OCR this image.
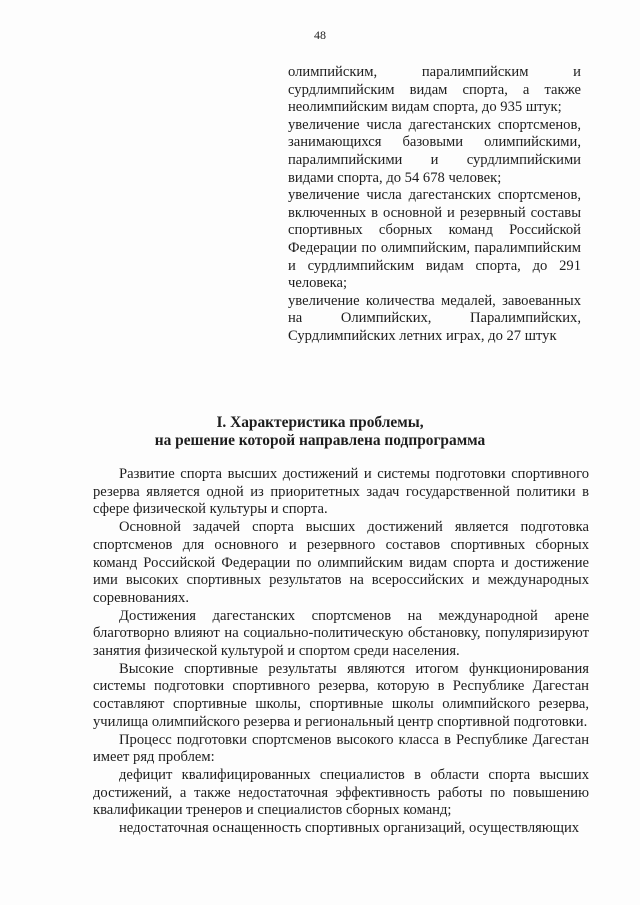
48

олимпийским, паралимпийским и сурдлимпийским видам спорта, а также неолимпийским видам спорта, до 935 штук;

увеличение числа дагестанских спортсменов, занимающихся базовыми олимпийскими, паралимпийскими и сурдлимпийскими видами спорта, до 54 678 человек;

увеличение числа дагестанских спортсменов, включенных в основной и резервный составы спортивных сборных команд Российской Федерации по олимпийским, паралимпийским и сурдлимпийским видам спорта, до 291 человека;

увеличение количества медалей, завоеванных на Олимпийских, Паралимпийских, Сурдлимпийских летних играх, до 27 штук

I. Характеристика проблемы,
на решение которой направлена подпрограмма

Развитие спорта высших достижений и системы подготовки спортивного резерва является одной из приоритетных задач государственной политики в сфере физической культуры и спорта.

Основной задачей спорта высших достижений является подготовка спортсменов для основного и резервного составов спортивных сборных команд Российской Федерации по олимпийским видам спорта и достижение ими высоких спортивных результатов на всероссийских и международных соревнованиях.

Достижения дагестанских спортсменов на международной арене благотворно влияют на социально-политическую обстановку, популяризируют занятия физической культурой и спортом среди населения.

Высокие спортивные результаты являются итогом функционирования системы подготовки спортивного резерва, которую в Республике Дагестан составляют спортивные школы, спортивные школы олимпийского резерва, училища олимпийского резерва и региональный центр спортивной подготовки.

Процесс подготовки спортсменов высокого класса в Республике Дагестан имеет ряд проблем:

дефицит квалифицированных специалистов в области спорта высших достижений, а также недостаточная эффективность работы по повышению квалификации тренеров и специалистов сборных команд;

недостаточная оснащенность спортивных организаций, осуществляющих
